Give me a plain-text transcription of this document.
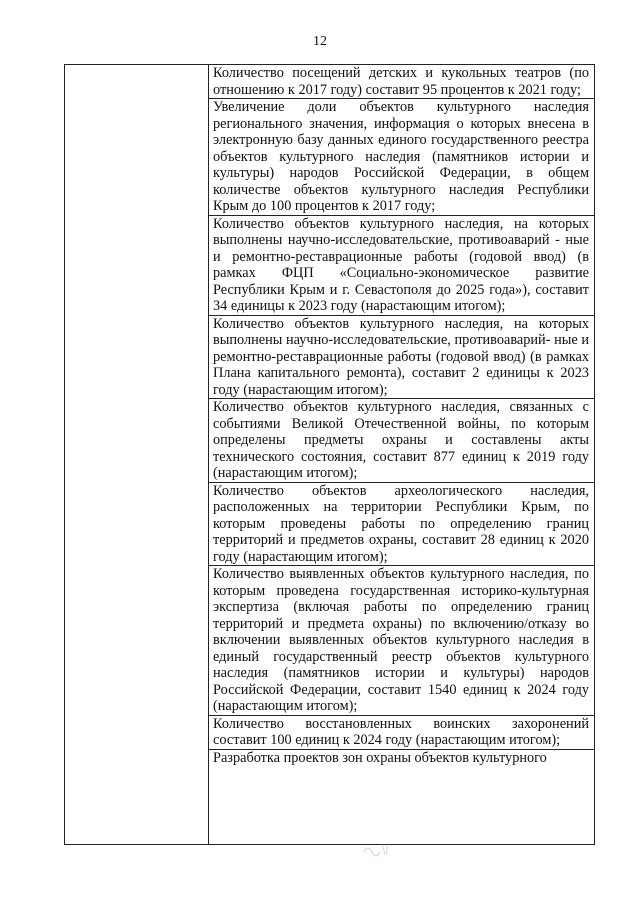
12
Количество посещений детских и кукольных театров (по отношению к 2017 году) составит 95 процентов к 2021 году;
Увеличение доли объектов культурного наследия регионального значения, информация о которых внесена в электронную базу данных единого государственного реестра объектов культурного наследия (памятников истории и культуры) народов Российской Федерации, в общем количестве объектов культурного наследия Республики Крым до 100 процентов к 2017 году;
Количество объектов культурного наследия, на которых выполнены научно-исследовательские, противоаварий - ные и ремонтно-реставрационные работы (годовой ввод) (в рамках ФЦП «Социально-экономическое развитие Республики Крым и г. Севастополя до 2025 года»), составит 34 единицы к 2023 году (нарастающим итогом);
Количество объектов культурного наследия, на которых выполнены научно-исследовательские, противоаварий- ные и ремонтно-реставрационные работы (годовой ввод) (в рамках Плана капитального ремонта), составит 2 единицы к 2023 году (нарастающим итогом);
Количество объектов культурного наследия, связанных с событиями Великой Отечественной войны, по которым определены предметы охраны и составлены акты технического состояния, составит 877 единиц к 2019 году (нарастающим итогом);
Количество объектов археологического наследия, расположенных на территории Республики Крым, по которым проведены работы по определению границ территорий и предметов охраны, составит 28 единиц к 2020 году (нарастающим итогом);
Количество выявленных объектов культурного наследия, по которым проведена государственная историко-культурная экспертиза (включая работы по определению границ территорий и предмета охраны) по включению/отказу во включении выявленных объектов культурного наследия в единый государственный реестр объектов культурного наследия (памятников истории и культуры) народов Российской Федерации, составит 1540 единиц к 2024 году (нарастающим итогом);
Количество восстановленных воинских захоронений составит 100 единиц к 2024 году (нарастающим итогом);
Разработка проектов зон охраны объектов культурного
